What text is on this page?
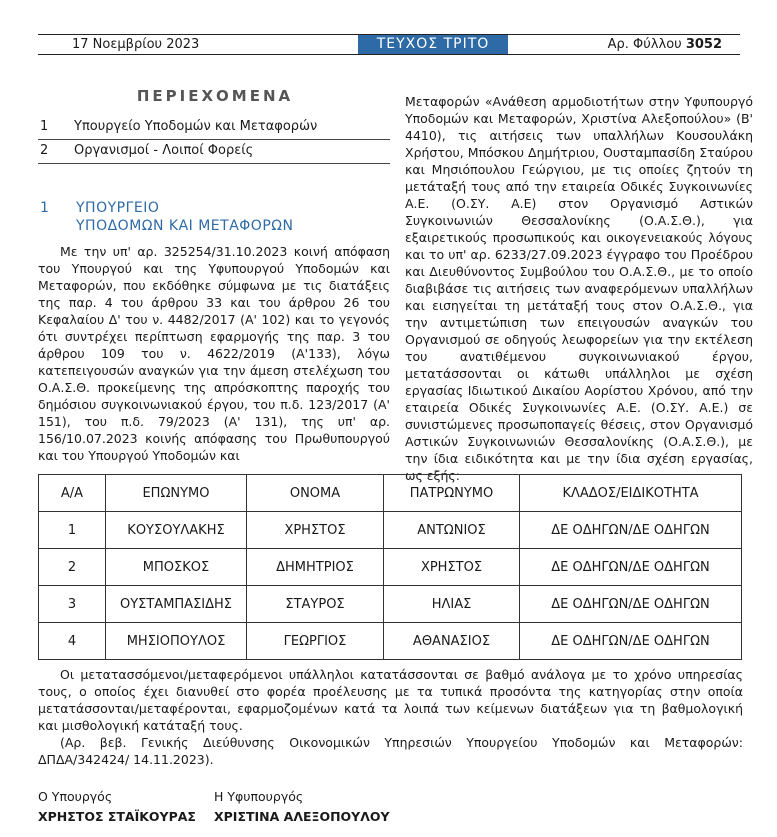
17 Νοεμβρίου 2023	ΤΕΥΧΟΣ ΤΡΙΤΟ	Αρ. Φύλλου 3052
ΠΕΡΙΕΧΟΜΕΝΑ
1 Υπουργείο Υποδομών και Μεταφορών
2 Οργανισμοί - Λοιποί Φορείς
1 ΥΠΟΥΡΓΕΙΟ
ΥΠΟΔΟΜΩΝ ΚΑΙ ΜΕΤΑΦΟΡΩΝ

Με την υπ' αρ. 325254/31.10.2023 κοινή απόφαση του Υπουργού και της Υφυπουργού Υποδομών και Μεταφορών, που εκδόθηκε σύμφωνα με τις διατάξεις της παρ. 4 του άρθρου 33 και του άρθρου 26 του Κεφαλαίου Δ' του ν. 4482/2017 (Α' 102) και το γεγονός ότι συντρέχει περίπτωση εφαρμογής της παρ. 3 του άρθρου 109 του ν. 4622/2019 (Α'133), λόγω κατεπειγουσών αναγκών για την άμεση στελέχωση του Ο.Α.Σ.Θ. προκείμενης της απρόσκοπτης παροχής του δημόσιου συγκοινωνιακού έργου, του π.δ. 123/2017 (Α' 151), του π.δ. 79/2023 (Α' 131), της υπ' αρ. 156/10.07.2023 κοινής απόφασης του Πρωθυπουργού και του Υπουργού Υποδομών και

Μεταφορών «Ανάθεση αρμοδιοτήτων στην Υφυπουργό Υποδομών και Μεταφορών, Χριστίνα Αλεξοπούλου» (Β' 4410), τις αιτήσεις των υπαλλήλων Κουσουλάκη Χρήστου, Μπόσκου Δημήτριου, Ουσταμπασίδη Σταύρου και Μησιόπουλου Γεώργιου, με τις οποίες ζητούν τη μετάταξή τους από την εταιρεία Οδικές Συγκοινωνίες Α.Ε. (Ο.ΣΥ. Α.Ε) στον Οργανισμό Αστικών Συγκοινωνιών Θεσσαλονίκης (Ο.Α.Σ.Θ.), για εξαιρετικούς προσωπικούς και οικογενειακούς λόγους και το υπ' αρ. 6233/27.09.2023 έγγραφο του Προέδρου και Διευθύνοντος Συμβούλου του Ο.Α.Σ.Θ., με το οποίο διαβιβάσε τις αιτήσεις των αναφερόμενων υπαλλήλων και εισηγείται τη μετάταξή τους στον Ο.Α.Σ.Θ., για την αντιμετώπιση των επειγουσών αναγκών του Οργανισμού σε οδηγούς λεωφορείων για την εκτέλεση του ανατιθέμενου συγκοινωνιακού έργου, μετατάσσονται οι κάτωθι υπάλληλοι με σχέση εργασίας Ιδιωτικού Δικαίου Αορίστου Χρόνου, από την εταιρεία Οδικές Συγκοινωνίες Α.Ε. (Ο.ΣΥ. Α.Ε.) σε συνιστώμενες προσωποπαγείς θέσεις, στον Οργανισμό Αστικών Συγκοινωνιών Θεσσαλονίκης (Ο.Α.Σ.Θ.), με την ίδια ειδικότητα και με την ίδια σχέση εργασίας, ως εξής:

Α/Α	ΕΠΩΝΥΜΟ	ΟΝΟΜΑ	ΠΑΤΡΩΝΥΜΟ	ΚΛΑΔΟΣ/ΕΙΔΙΚΟΤΗΤΑ
1	ΚΟΥΣΟΥΛΑΚΗΣ	ΧΡΗΣΤΟΣ	ΑΝΤΩΝΙΟΣ	ΔΕ ΟΔΗΓΩΝ/ΔΕ ΟΔΗΓΩΝ
2	ΜΠΟΣΚΟΣ	ΔΗΜΗΤΡΙΟΣ	ΧΡΗΣΤΟΣ	ΔΕ ΟΔΗΓΩΝ/ΔΕ ΟΔΗΓΩΝ
3	ΟΥΣΤΑΜΠΑΣΙΔΗΣ	ΣΤΑΥΡΟΣ	ΗΛΙΑΣ	ΔΕ ΟΔΗΓΩΝ/ΔΕ ΟΔΗΓΩΝ
4	ΜΗΣΙΟΠΟΥΛΟΣ	ΓΕΩΡΓΙΟΣ	ΑΘΑΝΑΣΙΟΣ	ΔΕ ΟΔΗΓΩΝ/ΔΕ ΟΔΗΓΩΝ

Οι μετατασσόμενοι/μεταφερόμενοι υπάλληλοι κατατάσσονται σε βαθμό ανάλογα με το χρόνο υπηρεσίας τους, ο οποίος έχει διανυθεί στο φορέα προέλευσης με τα τυπικά προσόντα της κατηγορίας στην οποία μετατάσσονται/μεταφέρονται, εφαρμοζομένων κατά τα λοιπά των κείμενων διατάξεων για τη βαθμολογική και μισθολογική κατάταξή τους.

(Αρ. βεβ. Γενικής Διεύθυνσης Οικονομικών Υπηρεσιών Υπουργείου Υποδομών και Μεταφορών: ΔΠΔΑ/342424/ 14.11.2023).

Ο Υπουργός
ΧΡΗΣΤΟΣ ΣΤΑΪΚΟΥΡΑΣ
Η Υφυπουργός
ΧΡΙΣΤΙΝΑ ΑΛΕΞΟΠΟΥΛΟΥ
